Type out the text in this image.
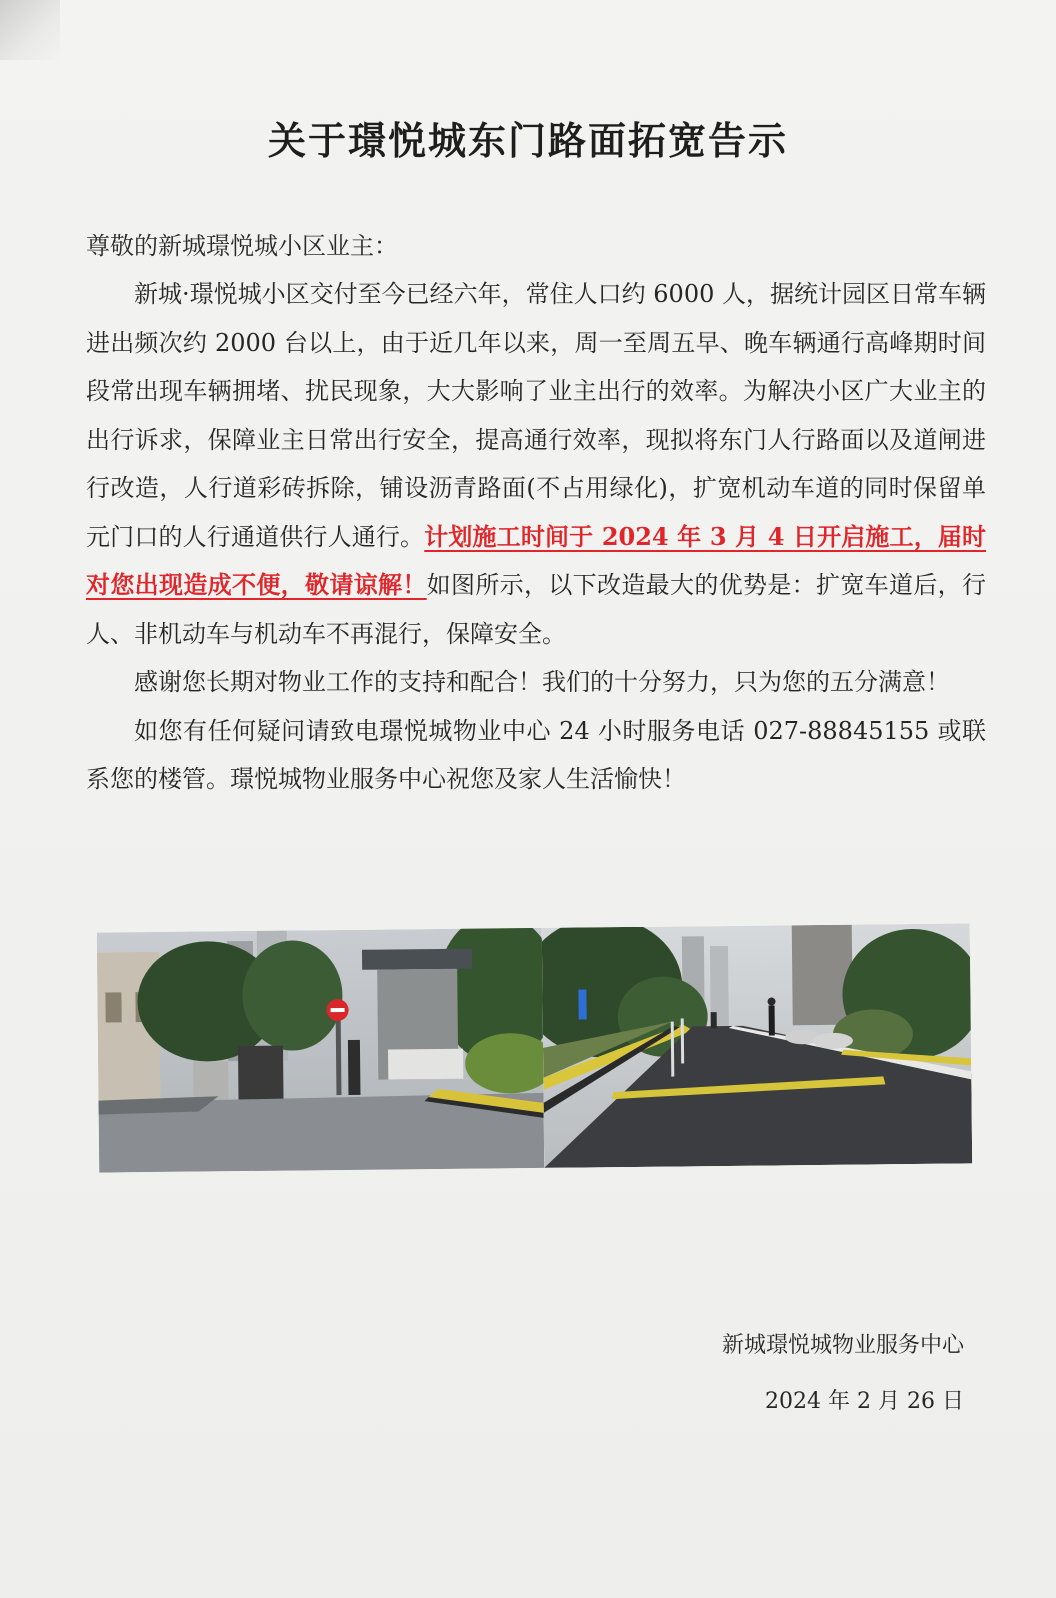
关于璟悦城东门路面拓宽告示
尊敬的新城璟悦城小区业主：

新城·璟悦城小区交付至今已经六年，常住人口约 6000 人，据统计园区日常车辆进出频次约 2000 台以上，由于近几年以来，周一至周五早、晚车辆通行高峰期时间段常出现车辆拥堵、扰民现象，大大影响了业主出行的效率。为解决小区广大业主的出行诉求，保障业主日常出行安全，提高通行效率，现拟将东门人行路面以及道闸进行改造，人行道彩砖拆除，铺设沥青路面(不占用绿化)，扩宽机动车道的同时保留单元门口的人行通道供行人通行。计划施工时间于 2024 年 3 月 4 日开启施工，届时对您出现造成不便，敬请谅解！如图所示，以下改造最大的优势是：扩宽车道后，行人、非机动车与机动车不再混行，保障安全。

感谢您长期对物业工作的支持和配合！我们的十分努力，只为您的五分满意！

如您有任何疑问请致电璟悦城物业中心 24 小时服务电话 027-88845155 或联系您的楼管。璟悦城物业服务中心祝您及家人生活愉快！

新城璟悦城物业服务中心
2024 年 2 月 26 日
